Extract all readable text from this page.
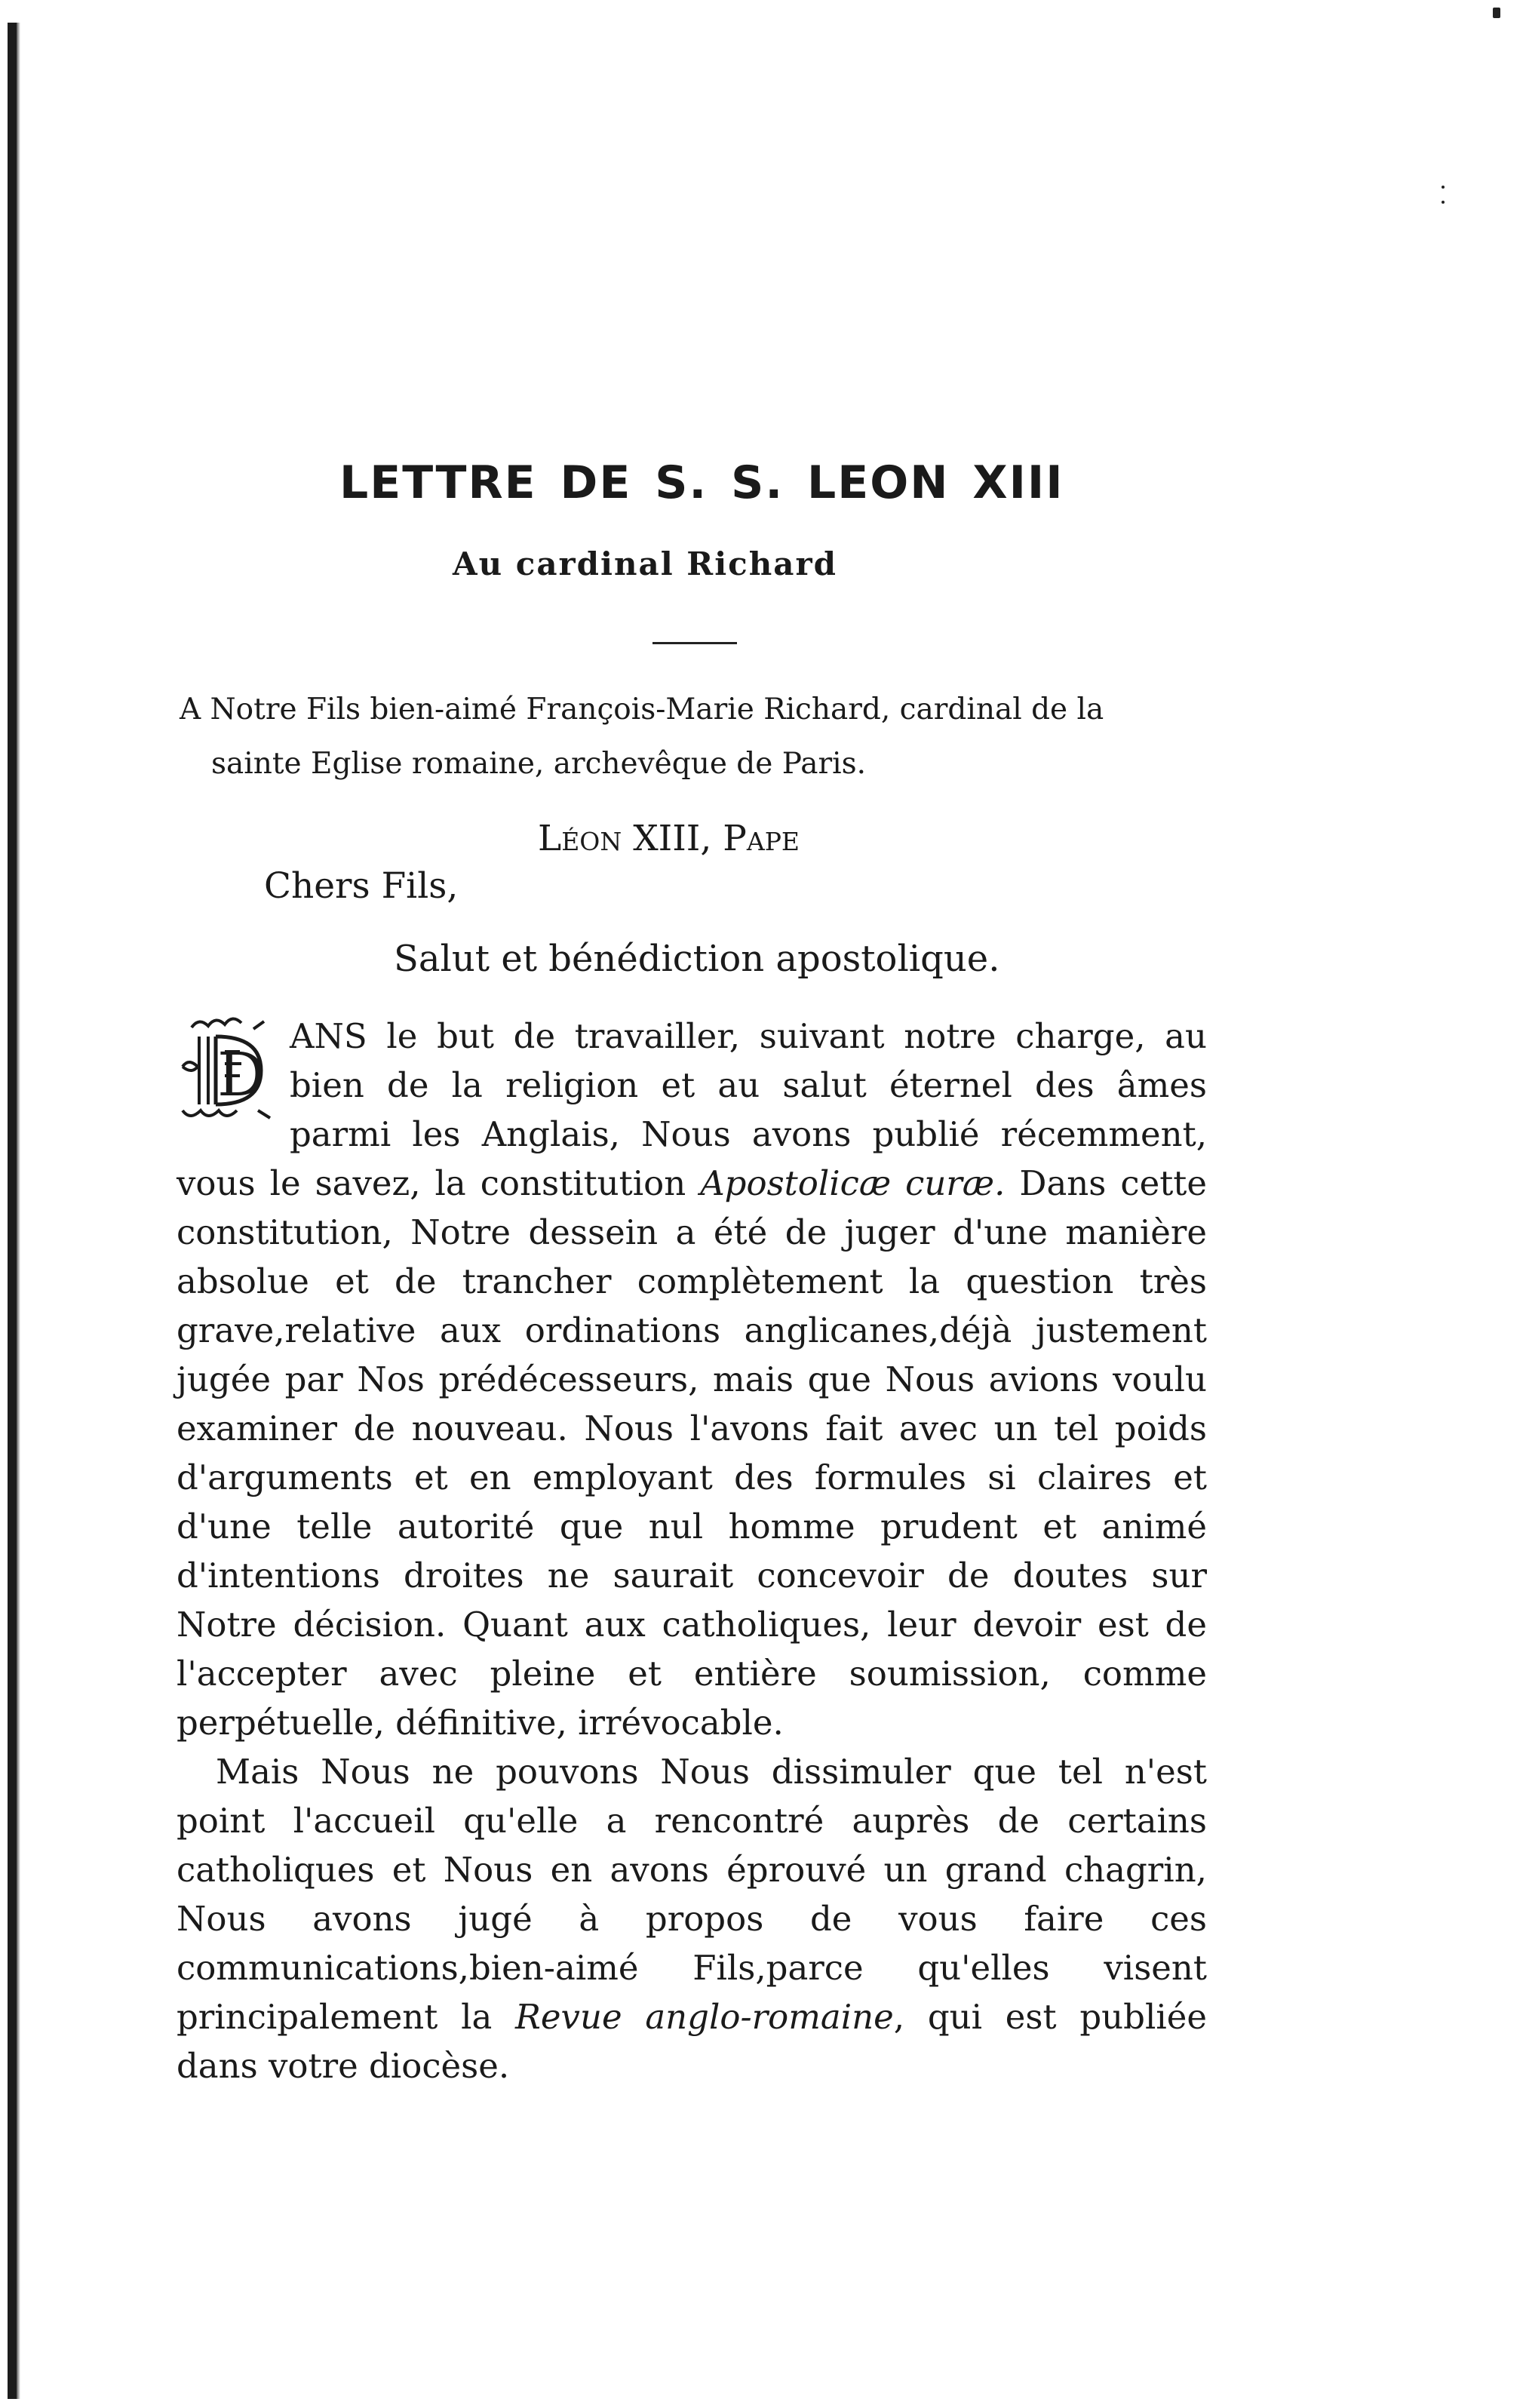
LETTRE DE S. S. LEON XIII
Au cardinal Richard
A Notre Fils bien-aimé François-Marie Richard, cardinal de la
sainte Eglise romaine, archevêque de Paris.
Léon XIII, Pape
Chers Fils,
Salut et bénédiction apostolique.
D

ANS le but de travailler, suivant notre charge, au bien de la religion et au salut éternel des âmes parmi les Anglais, Nous avons publié récemment, vous le savez, la constitution Apostolicæ curæ. Dans cette constitution, Notre dessein a été de juger d'une manière absolue et de trancher complètement la question très grave,relative aux ordinations anglicanes,déjà justement jugée par Nos prédécesseurs, mais que Nous avions voulu examiner de nouveau. Nous l'avons fait avec un tel poids d'arguments et en employant des formules si claires et d'une telle autorité que nul homme prudent et animé d'intentions droites ne saurait concevoir de doutes sur Notre décision. Quant aux catholiques, leur devoir est de l'accepter avec pleine et entière soumission, comme perpétuelle, définitive, irrévocable.

Mais Nous ne pouvons Nous dissimuler que tel n'est point l'accueil qu'elle a rencontré auprès de certains catholiques et Nous en avons éprouvé un grand chagrin, Nous avons jugé à propos de vous faire ces communications,bien-aimé Fils,parce qu'elles visent principalement la Revue anglo-romaine, qui est publiée dans votre diocèse.
